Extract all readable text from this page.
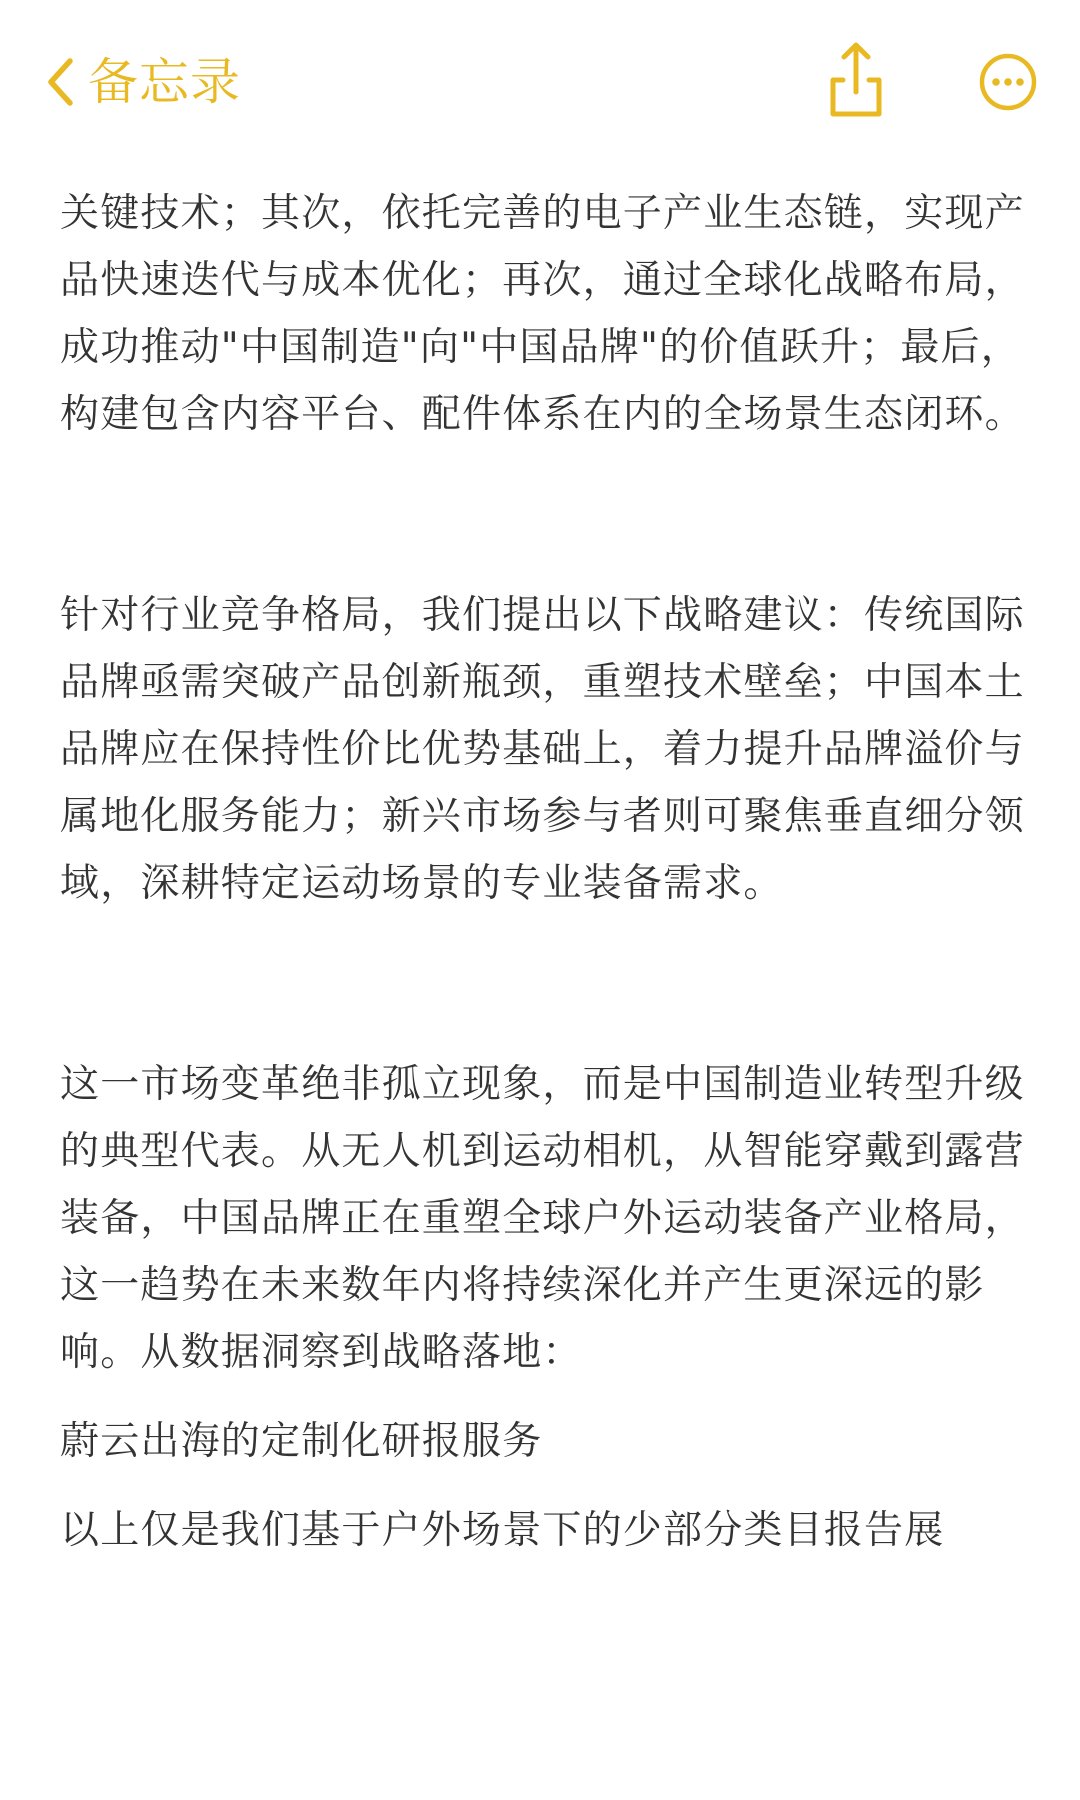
备忘录

关键技术；其次，依托完善的电子产业生态链，实现产品快速迭代与成本优化；再次，通过全球化战略布局，成功推动"中国制造"向"中国品牌"的价值跃升；最后，构建包含内容平台、配件体系在内的全场景生态闭环。

针对行业竞争格局，我们提出以下战略建议：传统国际品牌亟需突破产品创新瓶颈，重塑技术壁垒；中国本土品牌应在保持性价比优势基础上，着力提升品牌溢价与属地化服务能力；新兴市场参与者则可聚焦垂直细分领域，深耕特定运动场景的专业装备需求。

这一市场变革绝非孤立现象，而是中国制造业转型升级的典型代表。从无人机到运动相机，从智能穿戴到露营装备，中国品牌正在重塑全球户外运动装备产业格局，这一趋势在未来数年内将持续深化并产生更深远的影响。从数据洞察到战略落地：

蔚云出海的定制化研报服务

以上仅是我们基于户外场景下的少部分类目报告展
